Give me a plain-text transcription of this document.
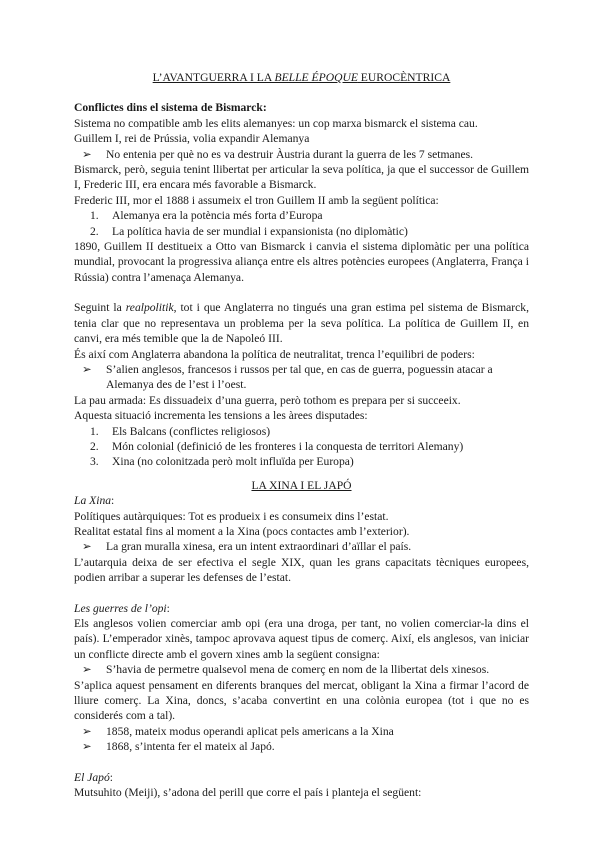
L’AVANTGUERRA I LA BELLE ÉPOQUE EUROCÈNTRICA

Conflictes dins el sistema de Bismarck:

Sistema no compatible amb les elits alemanyes: un cop marxa bismarck el sistema cau.

Guillem I, rei de Prússia, volia expandir Alemanya

➢	No entenia per què no es va destruir Àustria durant la guerra de les 7 setmanes.

Bismarck, però, seguia tenint llibertat per articular la seva política, ja que el successor de Guillem I, Frederic III, era encara més favorable a Bismarck.

Frederic III, mor el 1888 i assumeix el tron Guillem II amb la següent política:

1.	Alemanya era la potència més forta d’Europa
2.	La política havia de ser mundial i expansionista (no diplomàtic)

1890, Guillem II destitueix a Otto van Bismarck i canvia el sistema diplomàtic per una política mundial, provocant la progressiva aliança entre els altres potències europees (Anglaterra, França i Rússia) contra l’amenaça Alemanya.

Seguint la realpolitik, tot i que Anglaterra no tingués una gran estima pel sistema de Bismarck, tenia clar que no representava un problema per la seva política. La política de Guillem II, en canvi, era més temible que la de Napoleó III.

És així com Anglaterra abandona la política de neutralitat, trenca l’equilibri de poders:

➢	S’alien anglesos, francesos i russos per tal que, en cas de guerra, poguessin atacar a Alemanya des de l’est i l’oest.

La pau armada: Es dissuadeix d’una guerra, però tothom es prepara per si succeeix.

Aquesta situació incrementa les tensions a les àrees disputades:

1.	Els Balcans (conflictes religiosos)
2.	Món colonial (definició de les fronteres i la conquesta de territori Alemany)
3.	Xina (no colonitzada però molt influïda per Europa)

LA XINA I EL JAPÓ

La Xina:

Polítiques autàrquiques: Tot es produeix i es consumeix dins l’estat.

Realitat estatal fins al moment a la Xina (pocs contactes amb l’exterior).

➢	La gran muralla xinesa, era un intent extraordinari d’aïllar el país.

L’autarquia deixa de ser efectiva el segle XIX, quan les grans capacitats tècniques europees, podien arribar a superar les defenses de l’estat.

Les guerres de l’opi:

Els anglesos volien comerciar amb opi (era una droga, per tant, no volien comerciar-la dins el país). L’emperador xinès, tampoc aprovava aquest tipus de comerç. Així, els anglesos, van iniciar un conflicte directe amb el govern xines amb la següent consigna:

➢	S’havia de permetre qualsevol mena de comerç en nom de la llibertat dels xinesos.

S’aplica aquest pensament en diferents branques del mercat, obligant la Xina a firmar l’acord de lliure comerç. La Xina, doncs, s’acaba convertint en una colònia europea (tot i que no es considerés com a tal).

➢	1858, mateix modus operandi aplicat pels americans a la Xina
➢	1868, s’intenta fer el mateix al Japó.

El Japó:

Mutsuhito (Meiji), s’adona del perill que corre el país i planteja el següent:
